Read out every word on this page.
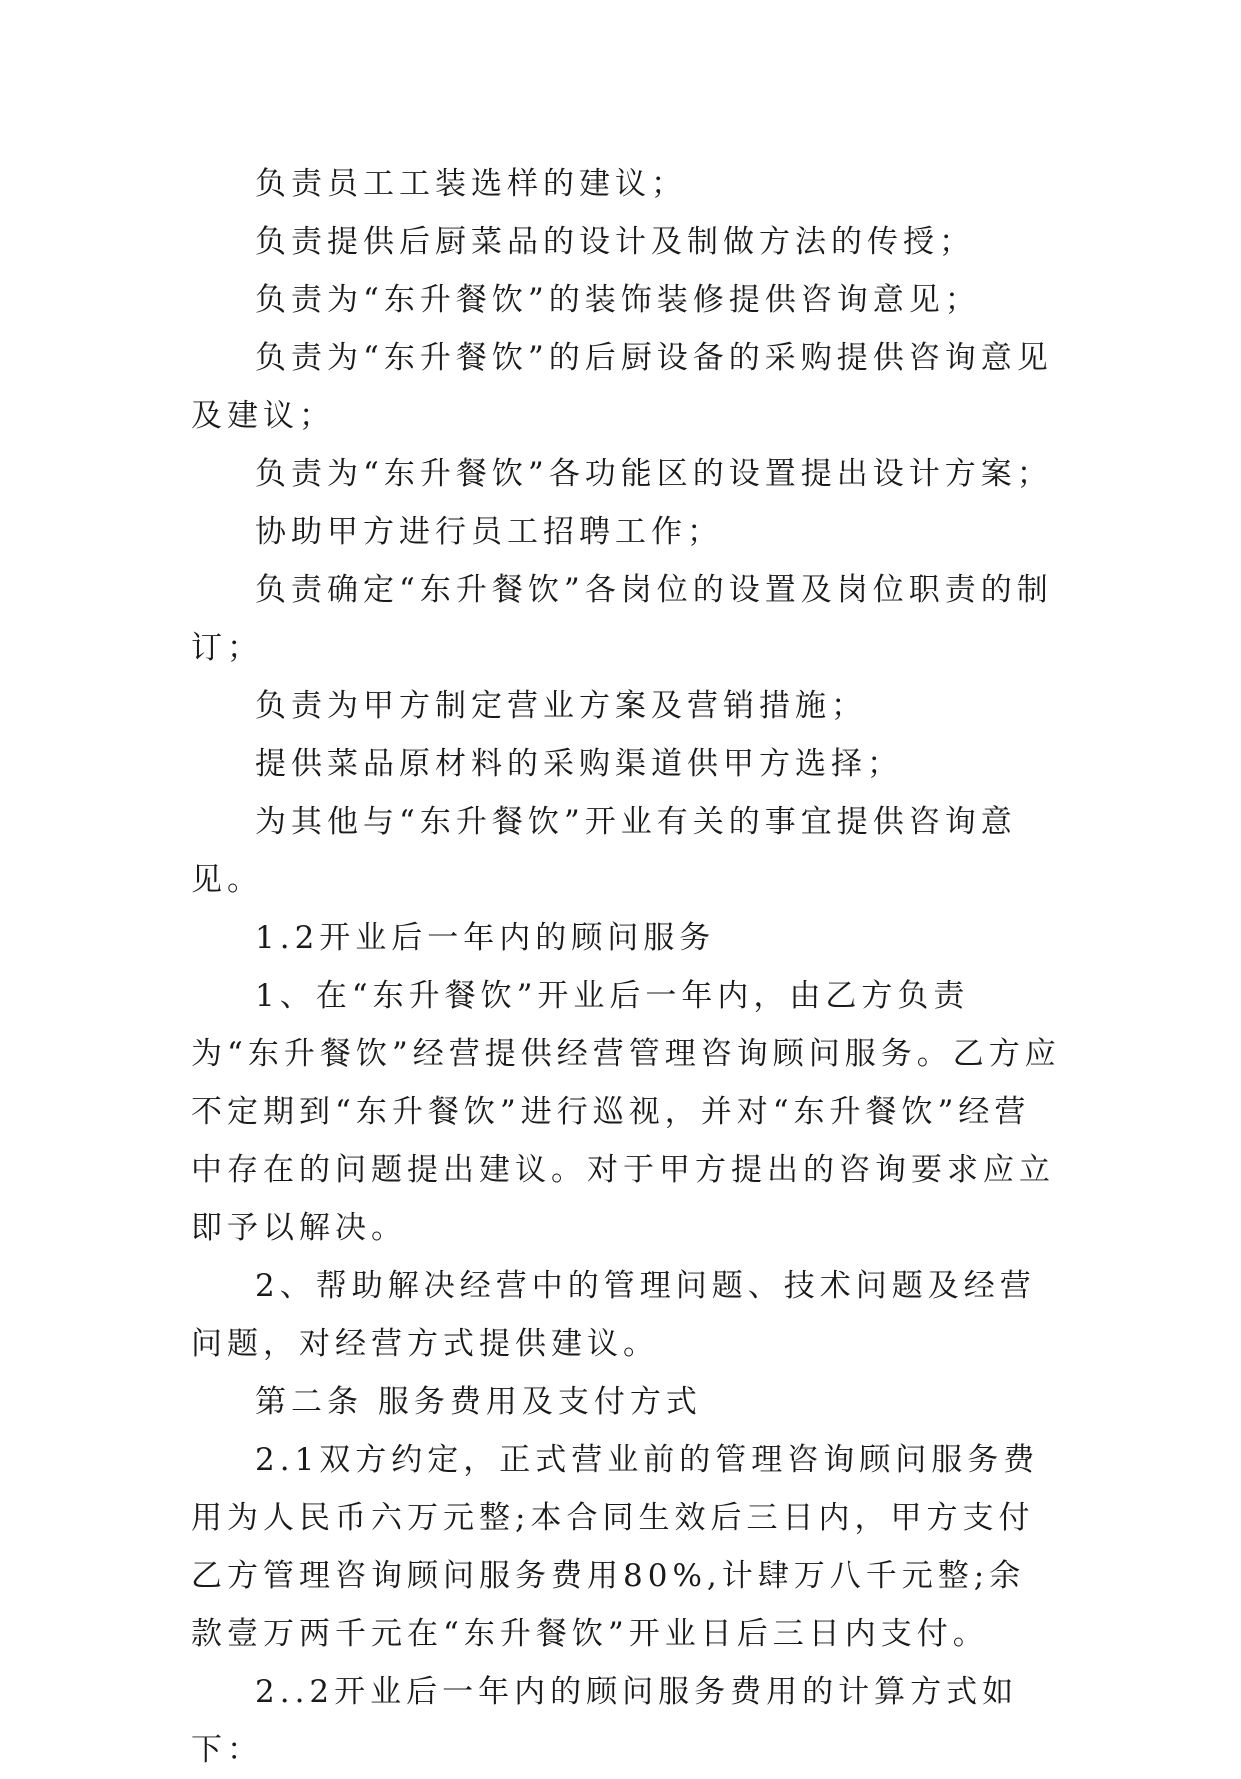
负责员工工装选样的建议；

负责提供后厨菜品的设计及制做方法的传授；

负责为“东升餐饮”的装饰装修提供咨询意见；

负责为“东升餐饮”的后厨设备的采购提供咨询意见及建议；

负责为“东升餐饮”各功能区的设置提出设计方案；

协助甲方进行员工招聘工作；

负责确定“东升餐饮”各岗位的设置及岗位职责的制订；

负责为甲方制定营业方案及营销措施；

提供菜品原材料的采购渠道供甲方选择；

为其他与“东升餐饮”开业有关的事宜提供咨询意见。

1.2开业后一年内的顾问服务

1、在“东升餐饮”开业后一年内，由乙方负责为“东升餐饮”经营提供经营管理咨询顾问服务。乙方应不定期到“东升餐饮”进行巡视，并对“东升餐饮”经营中存在的问题提出建议。对于甲方提出的咨询要求应立即予以解决。

2、帮助解决经营中的管理问题、技术问题及经营问题，对经营方式提供建议。

第二条 服务费用及支付方式

2.1双方约定，正式营业前的管理咨询顾问服务费用为人民币六万元整;本合同生效后三日内，甲方支付乙方管理咨询顾问服务费用80%,计肆万八千元整;余款壹万两千元在“东升餐饮”开业日后三日内支付。

2..2开业后一年内的顾问服务费用的计算方式如下：
